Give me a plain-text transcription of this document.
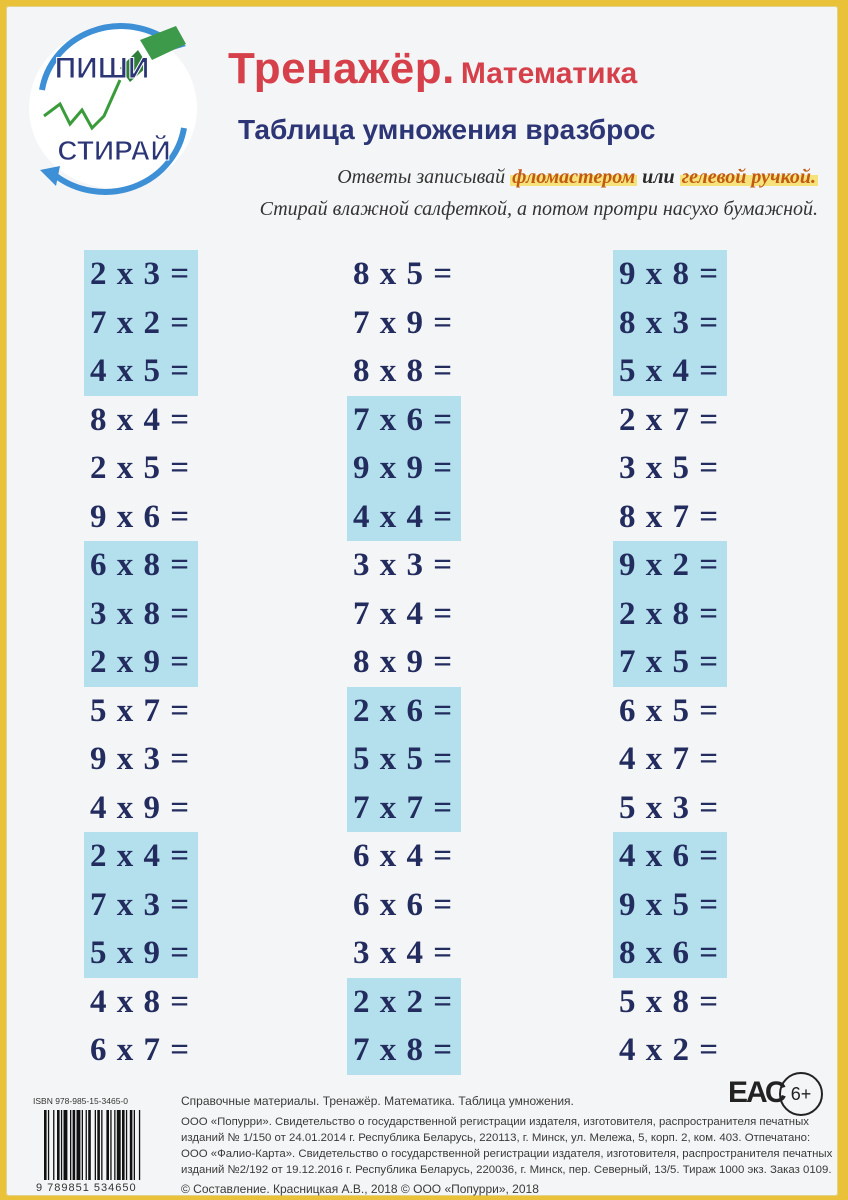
ПИШИ
СТИРАЙ
Тренажёр. Математика
Таблица умножения вразброс
Ответы записывай фломастером или гелевой ручкой.
Стирай влажной салфеткой, а потом протри насухо бумажной.
2 x 3 =
7 x 2 =
4 x 5 =
8 x 4 =
2 x 5 =
9 x 6 =
6 x 8 =
3 x 8 =
2 x 9 =
5 x 7 =
9 x 3 =
4 x 9 =
2 x 4 =
7 x 3 =
5 x 9 =
4 x 8 =
6 x 7 =
8 x 5 =
7 x 9 =
8 x 8 =
7 x 6 =
9 x 9 =
4 x 4 =
3 x 3 =
7 x 4 =
8 x 9 =
2 x 6 =
5 x 5 =
7 x 7 =
6 x 4 =
6 x 6 =
3 x 4 =
2 x 2 =
7 x 8 =
9 x 8 =
8 x 3 =
5 x 4 =
2 x 7 =
3 x 5 =
8 x 7 =
9 x 2 =
2 x 8 =
7 x 5 =
6 x 5 =
4 x 7 =
5 x 3 =
4 x 6 =
9 x 5 =
8 x 6 =
5 x 8 =
4 x 2 =
ISBN 978-985-15-3465-0
9 789851 534650
Справочные материалы. Тренажёр. Математика. Таблица умножения.
ООО «Попурри». Свидетельство о государственной регистрации издателя, изготовителя, распространителя печатных
изданий № 1/150 от 24.01.2014 г. Республика Беларусь, 220113, г. Минск, ул. Мележа, 5, корп. 2, ком. 403. Отпечатано:
ООО «Фалио-Карта». Свидетельство о государственной регистрации издателя, изготовителя, распространителя печатных
изданий №2/192 от 19.12.2016 г. Республика Беларусь, 220036, г. Минск, пер. Северный, 13/5. Тираж 1000 экз. Заказ 0109.
© Составление. Красницкая А.В., 2018 © ООО «Попурри», 2018
ЕАС 6+
